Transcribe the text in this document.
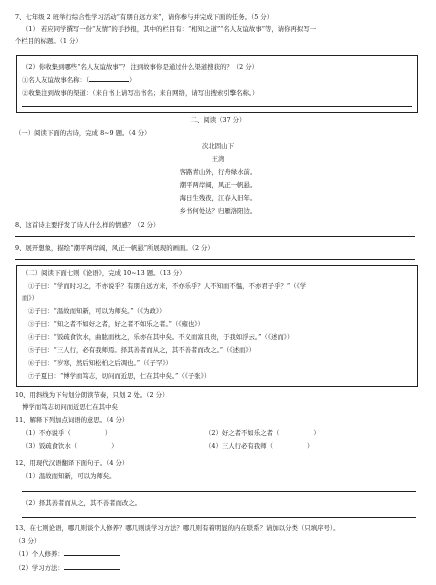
7、七年级 2 班举行综合性学习活动“有朋自远方来”，请你参与并完成下面的任务。（5 分）
（1） 若应同学撰写一份“友情”的手抄报，其中的栏目有：“相知之道”“名人友谊故事”等，请你再拟写一
个栏目的标题。（1 分）
（2）你收集到哪些“名人友谊故事”？ 注到故事你是通过什么渠道搜获的？（2 分）
①名人友谊故事名称：（	）
②收集注到故事的渠道：（来自书上请写出书名；来自网络，请写出搜索引擎名称。）
二、阅读（37 分）
（一）阅读下面的古诗，完成 8~9 题。（4 分）
次北固山下
王湾
客路青山外，行舟绿水前。
潮平两岸阔，风正一帆悬。
海日生残夜，江春入旧年。
乡书何处达？归雁洛阳边。
8、这首诗主要抒发了诗人什么样的情感？（2 分）
9、展开想象，描绘“潮平两岸阔，风正一帆悬”所展现的画面。（2 分）
（二）阅读下面七则《论语》，完成 10~13 题。（13 分）
①子曰：“学而时习之，不亦说乎？有朋自远方来，不亦乐乎？人不知而不愠，不亦君子乎？”（《学
而》）
②子曰：“温故而知新，可以为师矣。”（《为政》）
③子曰：“知之者不如好之者，好之者不如乐之者。”（《雍也》）
④子曰：“饭疏食饮水，曲肱而枕之，乐亦在其中矣。不义而富且贵，于我如浮云。”（《述而》）
⑤子曰：“三人行，必有我师焉。择其善者而从之，其不善者而改之。”（《述而》）
⑥子曰：“岁寒，然后知松柏之后凋也。”（《子罕》）
⑦子夏曰：“博学而笃志，切问而近思，仁在其中矣。”（《子张》）
10、用斜线为下句划分朗读节奏，只划 2 处。（2 分）
博学而笃志切问而近思仁在其中矣
11、解释下列加点词语的意思。（4 分）
（1）不亦说乎（	）	（2）好之者不如乐之者（	）
（3）饭疏食饮水（	）	（4）三人行必有我师（	）
12、用现代汉语翻译下面句子。（4 分）
（1）温故而知新，可以为师矣。
（2）择其善者而从之，其不善者而改之。
13、在七则论语，哪几则谈个人修养？哪几则谈学习方法？哪几则有着明显的内在联系？请加以分类（只填序号）。
（3 分）
（1）个人修养：
（2）学习方法：
